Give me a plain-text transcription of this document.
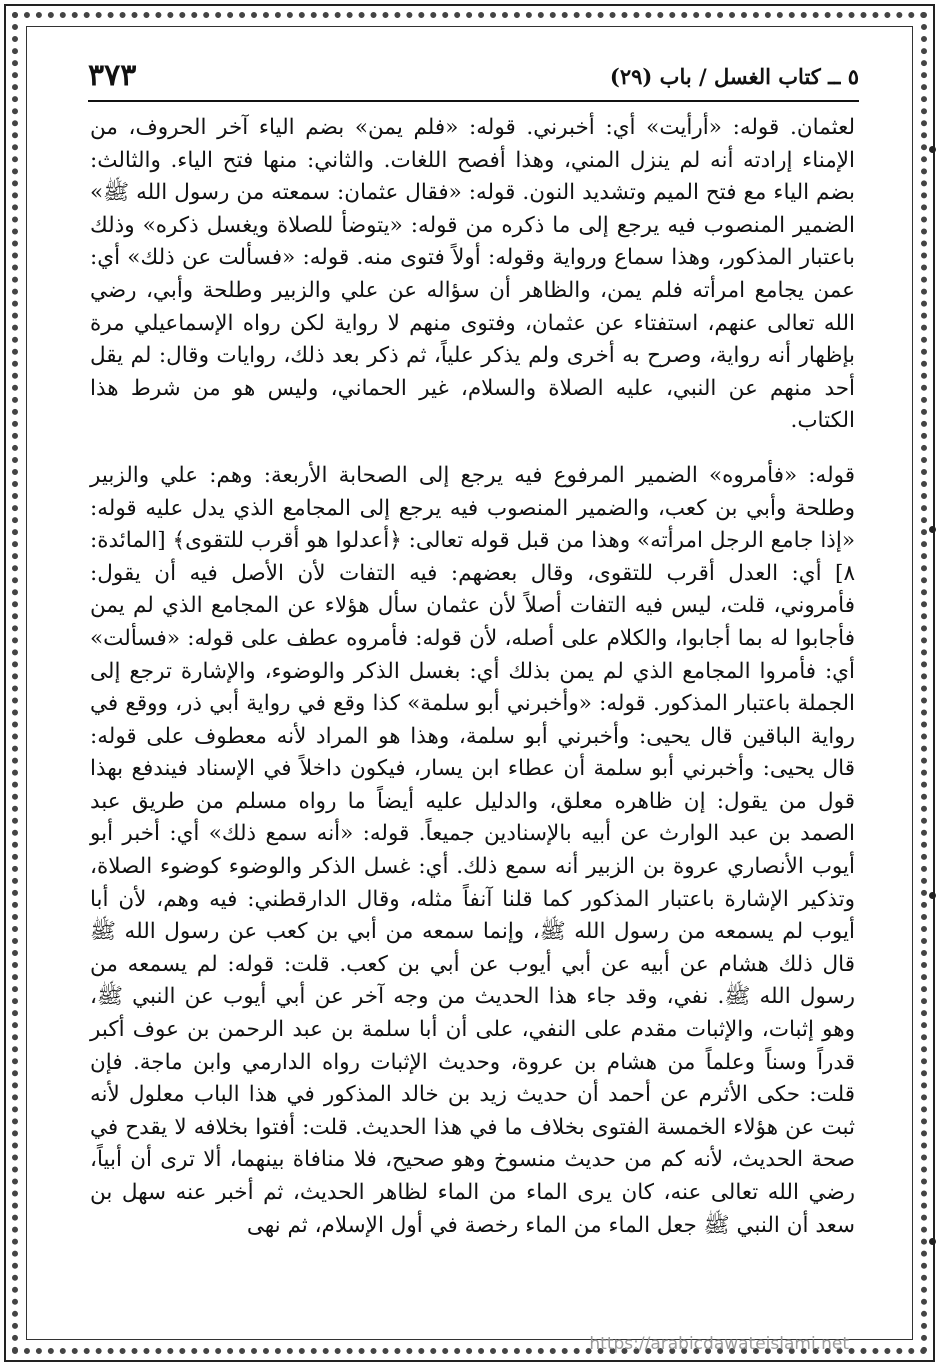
٥ ــ كتاب الغسل / باب (٢٩)
٣٧٣

لعثمان. قوله: «أرأيت» أي: أخبرني. قوله: «فلم يمن» بضم الياء آخر الحروف، من الإمناء إرادته أنه لم ينزل المني، وهذا أفصح اللغات. والثاني: منها فتح الياء. والثالث: بضم الياء مع فتح الميم وتشديد النون. قوله: «فقال عثمان: سمعته من رسول الله ﷺ» الضمير المنصوب فيه يرجع إلى ما ذكره من قوله: «يتوضأ للصلاة ويغسل ذكره» وذلك باعتبار المذكور، وهذا سماع ورواية وقوله: أولاً فتوى منه. قوله: «فسألت عن ذلك» أي: عمن يجامع امرأته فلم يمن، والظاهر أن سؤاله عن علي والزبير وطلحة وأبي، رضي الله تعالى عنهم، استفتاء عن عثمان، وفتوى منهم لا رواية لكن رواه الإسماعيلي مرة بإظهار أنه رواية، وصرح به أخرى ولم يذكر علياً، ثم ذكر بعد ذلك، روايات وقال: لم يقل أحد منهم عن النبي، عليه الصلاة والسلام، غير الحماني، وليس هو من شرط هذا الكتاب.

قوله: «فأمروه» الضمير المرفوع فيه يرجع إلى الصحابة الأربعة: وهم: علي والزبير وطلحة وأبي بن كعب، والضمير المنصوب فيه يرجع إلى المجامع الذي يدل عليه قوله: «إذا جامع الرجل امرأته» وهذا من قبل قوله تعالى: ﴿أعدلوا هو أقرب للتقوى﴾ [المائدة: ٨] أي: العدل أقرب للتقوى، وقال بعضهم: فيه التفات لأن الأصل فيه أن يقول: فأمروني، قلت، ليس فيه التفات أصلاً لأن عثمان سأل هؤلاء عن المجامع الذي لم يمن فأجابوا له بما أجابوا، والكلام على أصله، لأن قوله: فأمروه عطف على قوله: «فسألت» أي: فأمروا المجامع الذي لم يمن بذلك أي: بغسل الذكر والوضوء، والإشارة ترجع إلى الجملة باعتبار المذكور. قوله: «وأخبرني أبو سلمة» كذا وقع في رواية أبي ذر، ووقع في رواية الباقين قال يحيى: وأخبرني أبو سلمة، وهذا هو المراد لأنه معطوف على قوله: قال يحيى: وأخبرني أبو سلمة أن عطاء ابن يسار، فيكون داخلاً في الإسناد فيندفع بهذا قول من يقول: إن ظاهره معلق، والدليل عليه أيضاً ما رواه مسلم من طريق عبد الصمد بن عبد الوارث عن أبيه بالإسنادين جميعاً. قوله: «أنه سمع ذلك» أي: أخبر أبو أيوب الأنصاري عروة بن الزبير أنه سمع ذلك. أي: غسل الذكر والوضوء كوضوء الصلاة، وتذكير الإشارة باعتبار المذكور كما قلنا آنفاً مثله، وقال الدارقطني: فيه وهم، لأن أبا أيوب لم يسمعه من رسول الله ﷺ، وإنما سمعه من أبي بن كعب عن رسول الله ﷺ قال ذلك هشام عن أبيه عن أبي أيوب عن أبي بن كعب. قلت: قوله: لم يسمعه من رسول الله ﷺ. نفي، وقد جاء هذا الحديث من وجه آخر عن أبي أيوب عن النبي ﷺ، وهو إثبات، والإثبات مقدم على النفي، على أن أبا سلمة بن عبد الرحمن بن عوف أكبر قدراً وسناً وعلماً من هشام بن عروة، وحديث الإثبات رواه الدارمي وابن ماجة. فإن قلت: حكى الأثرم عن أحمد أن حديث زيد بن خالد المذكور في هذا الباب معلول لأنه ثبت عن هؤلاء الخمسة الفتوى بخلاف ما في هذا الحديث. قلت: أفتوا بخلافه لا يقدح في صحة الحديث، لأنه كم من حديث منسوخ وهو صحيح، فلا منافاة بينهما، ألا ترى أن أبياً، رضي الله تعالى عنه، كان يرى الماء من الماء لظاهر الحديث، ثم أخبر عنه سهل بن سعد أن النبي ﷺ جعل الماء من الماء رخصة في أول الإسلام، ثم نهى

https://arabicdawateislami.net
